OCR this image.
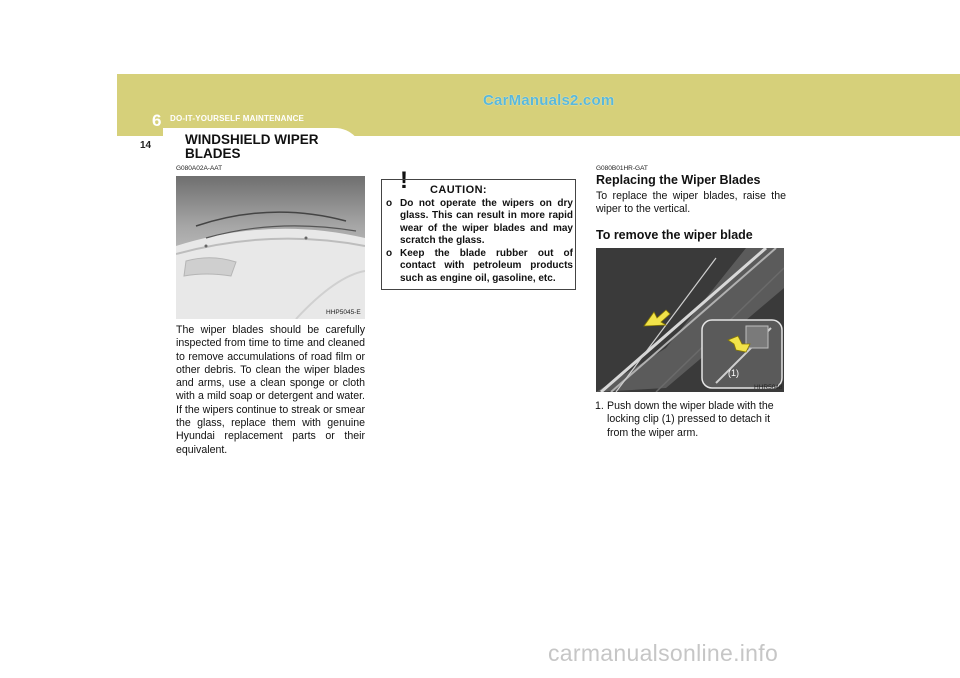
CarManuals2.com
6 DO-IT-YOURSELF MAINTENANCE
14	WINDSHIELD WIPER BLADES
G080A02A-AAT
HHP5045-E
The wiper blades should be carefully inspected from time to time and cleaned to remove accumulations of road film or other debris. To clean the wiper blades and arms, use a clean sponge or cloth with a mild soap or detergent and water. If the wipers continue to streak or smear the glass, replace them with genuine Hyundai replacement parts or their equivalent.
! CAUTION:
o Do not operate the wipers on dry glass. This can result in more rapid wear of the wiper blades and may scratch the glass.
o Keep the blade rubber out of contact with petroleum products such as engine oil, gasoline, etc.
G080B01HR-GAT
Replacing the Wiper Blades
To replace the wiper blades, raise the wiper to the vertical.
To remove the wiper blade
(1)
HHR5048
1. Push down the wiper blade with the locking clip (1) pressed to detach it from the wiper arm.
carmanualsonline.info
